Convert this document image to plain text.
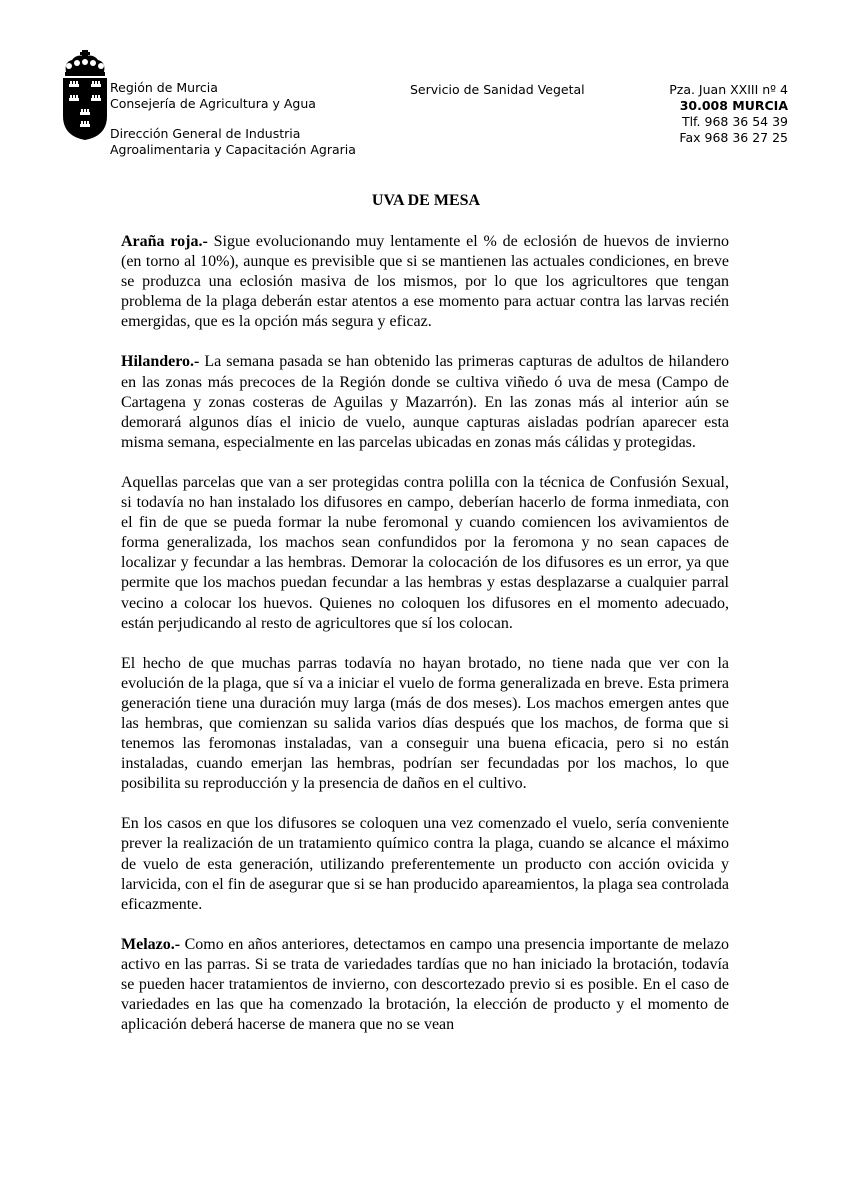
Región de Murcia
Consejería de Agricultura y Agua
Dirección General de Industria
Agroalimentaria y Capacitación Agraria
Servicio de Sanidad Vegetal	Pza. Juan XXIII nº 4
30.008 MURCIA
Tlf. 968 36 54 39
Fax 968 36 27 25
UVA DE MESA

Araña roja.- Sigue evolucionando muy lentamente el % de eclosión de huevos de invierno (en torno al 10%), aunque es previsible que si se mantienen las actuales condiciones, en breve se produzca una eclosión masiva de los mismos, por lo que los agricultores que tengan problema de la plaga deberán estar atentos a ese momento para actuar contra las larvas recién emergidas, que es la opción más segura y eficaz.

Hilandero.- La semana pasada se han obtenido las primeras capturas de adultos de hilandero en las zonas más precoces de la Región donde se cultiva viñedo ó uva de mesa (Campo de Cartagena y zonas costeras de Aguilas y Mazarrón). En las zonas más al interior aún se demorará algunos días el inicio de vuelo, aunque capturas aisladas podrían aparecer esta misma semana, especialmente en las parcelas ubicadas en zonas más cálidas y protegidas.

Aquellas parcelas que van a ser protegidas contra polilla con la técnica de Confusión Sexual, si todavía no han instalado los difusores en campo, deberían hacerlo de forma inmediata, con el fin de que se pueda formar la nube feromonal y cuando comiencen los avivamientos de forma generalizada, los machos sean confundidos por la feromona y no sean capaces de localizar y fecundar a las hembras. Demorar la colocación de los difusores es un error, ya que permite que los machos puedan fecundar a las hembras y estas desplazarse a cualquier parral vecino a colocar los huevos. Quienes no coloquen los difusores en el momento adecuado, están perjudicando al resto de agricultores que sí los colocan.

El hecho de que muchas parras todavía no hayan brotado, no tiene nada que ver con la evolución de la plaga, que sí va a iniciar el vuelo de forma generalizada en breve. Esta primera generación tiene una duración muy larga (más de dos meses). Los machos emergen antes que las hembras, que comienzan su salida varios días después que los machos, de forma que si tenemos las feromonas instaladas, van a conseguir una buena eficacia, pero si no están instaladas, cuando emerjan las hembras, podrían ser fecundadas por los machos, lo que posibilita su reproducción y la presencia de daños en el cultivo.

En los casos en que los difusores se coloquen una vez comenzado el vuelo, sería conveniente prever la realización de un tratamiento químico contra la plaga, cuando se alcance el máximo de vuelo de esta generación, utilizando preferentemente un producto con acción ovicida y larvicida, con el fin de asegurar que si se han producido apareamientos, la plaga sea controlada eficazmente.

Melazo.- Como en años anteriores, detectamos en campo una presencia importante de melazo activo en las parras. Si se trata de variedades tardías que no han iniciado la brotación, todavía se pueden hacer tratamientos de invierno, con descortezado previo si es posible. En el caso de variedades en las que ha comenzado la brotación, la elección de producto y el momento de aplicación deberá hacerse de manera que no se vean
